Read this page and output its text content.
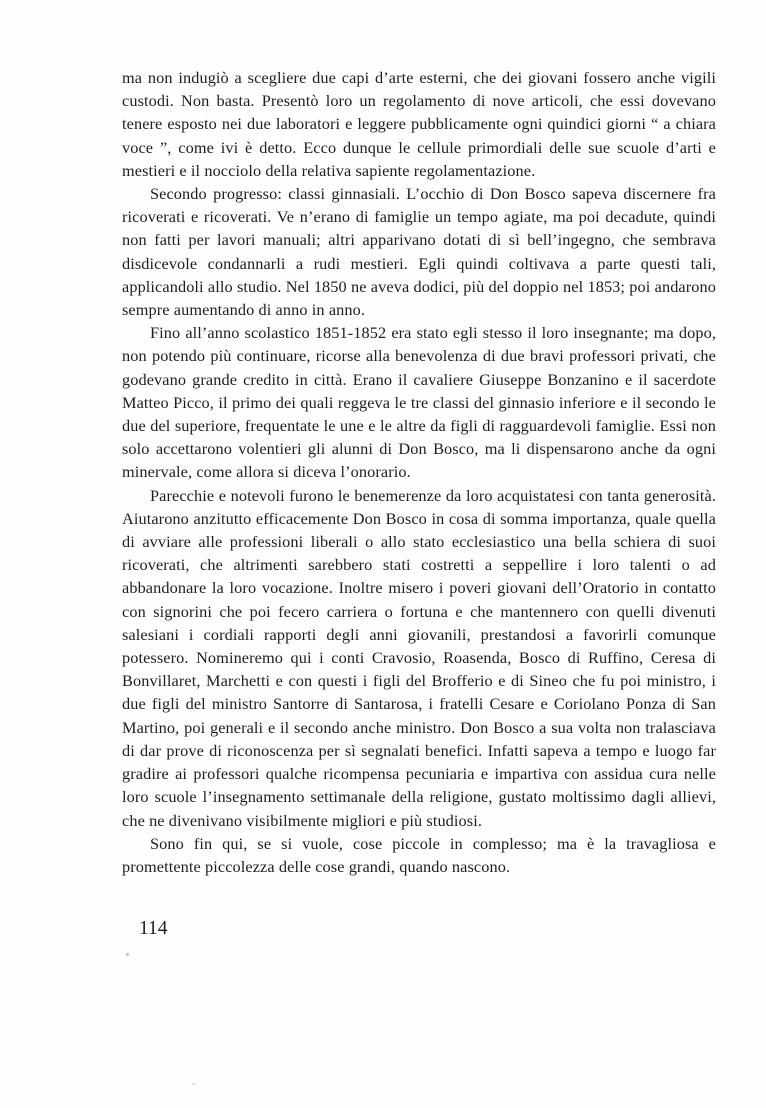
ma non indugiò a scegliere due capi d’arte esterni, che dei giovani fossero anche vigili custodi. Non basta. Presentò loro un regolamento di nove articoli, che essi dovevano tenere esposto nei due laboratori e leggere pubblicamente ogni quindici giorni “ a chiara voce ”, come ivi è detto. Ecco dunque le cellule primordiali delle sue scuole d’arti e mestieri e il nocciolo della relativa sapiente regolamentazione.

Secondo progresso: classi ginnasiali. L’occhio di Don Bosco sapeva discernere fra ricoverati e ricoverati. Ve n’erano di famiglie un tempo agiate, ma poi decadute, quindi non fatti per lavori manuali; altri apparivano dotati di sì bell’ingegno, che sembrava disdicevole condannarli a rudi mestieri. Egli quindi coltivava a parte questi tali, applicandoli allo studio. Nel 1850 ne aveva dodici, più del doppio nel 1853; poi andarono sempre aumentando di anno in anno.

Fino all’anno scolastico 1851-1852 era stato egli stesso il loro insegnante; ma dopo, non potendo più continuare, ricorse alla benevolenza di due bravi professori privati, che godevano grande credito in città. Erano il cavaliere Giuseppe Bonzanino e il sacerdote Matteo Picco, il primo dei quali reggeva le tre classi del ginnasio inferiore e il secondo le due del superiore, frequentate le une e le altre da figli di ragguardevoli famiglie. Essi non solo accettarono volentieri gli alunni di Don Bosco, ma li dispensarono anche da ogni minervale, come allora si diceva l’onorario.

Parecchie e notevoli furono le benemerenze da loro acquistatesi con tanta generosità. Aiutarono anzitutto efficacemente Don Bosco in cosa di somma importanza, quale quella di avviare alle professioni liberali o allo stato ecclesiastico una bella schiera di suoi ricoverati, che altrimenti sarebbero stati costretti a seppellire i loro talenti o ad abbandonare la loro vocazione. Inoltre misero i poveri giovani dell’Oratorio in contatto con signorini che poi fecero carriera o fortuna e che mantennero con quelli divenuti salesiani i cordiali rapporti degli anni giovanili, prestandosi a favorirli comunque potessero. Nomineremo qui i conti Cravosio, Roasenda, Bosco di Ruffino, Ceresa di Bonvillaret, Marchetti e con questi i figli del Brofferio e di Sineo che fu poi ministro, i due figli del ministro Santorre di Santarosa, i fratelli Cesare e Coriolano Ponza di San Martino, poi generali e il secondo anche ministro. Don Bosco a sua volta non tralasciava di dar prove di riconoscenza per sì segnalati benefici. Infatti sapeva a tempo e luogo far gradire ai professori qualche ricompensa pecuniaria e impartiva con assidua cura nelle loro scuole l’insegnamento settimanale della religione, gustato moltissimo dagli allievi, che ne divenivano visibilmente migliori e più studiosi.

Sono fin qui, se si vuole, cose piccole in complesso; ma è la travagliosa e promettente piccolezza delle cose grandi, quando nascono.

114
